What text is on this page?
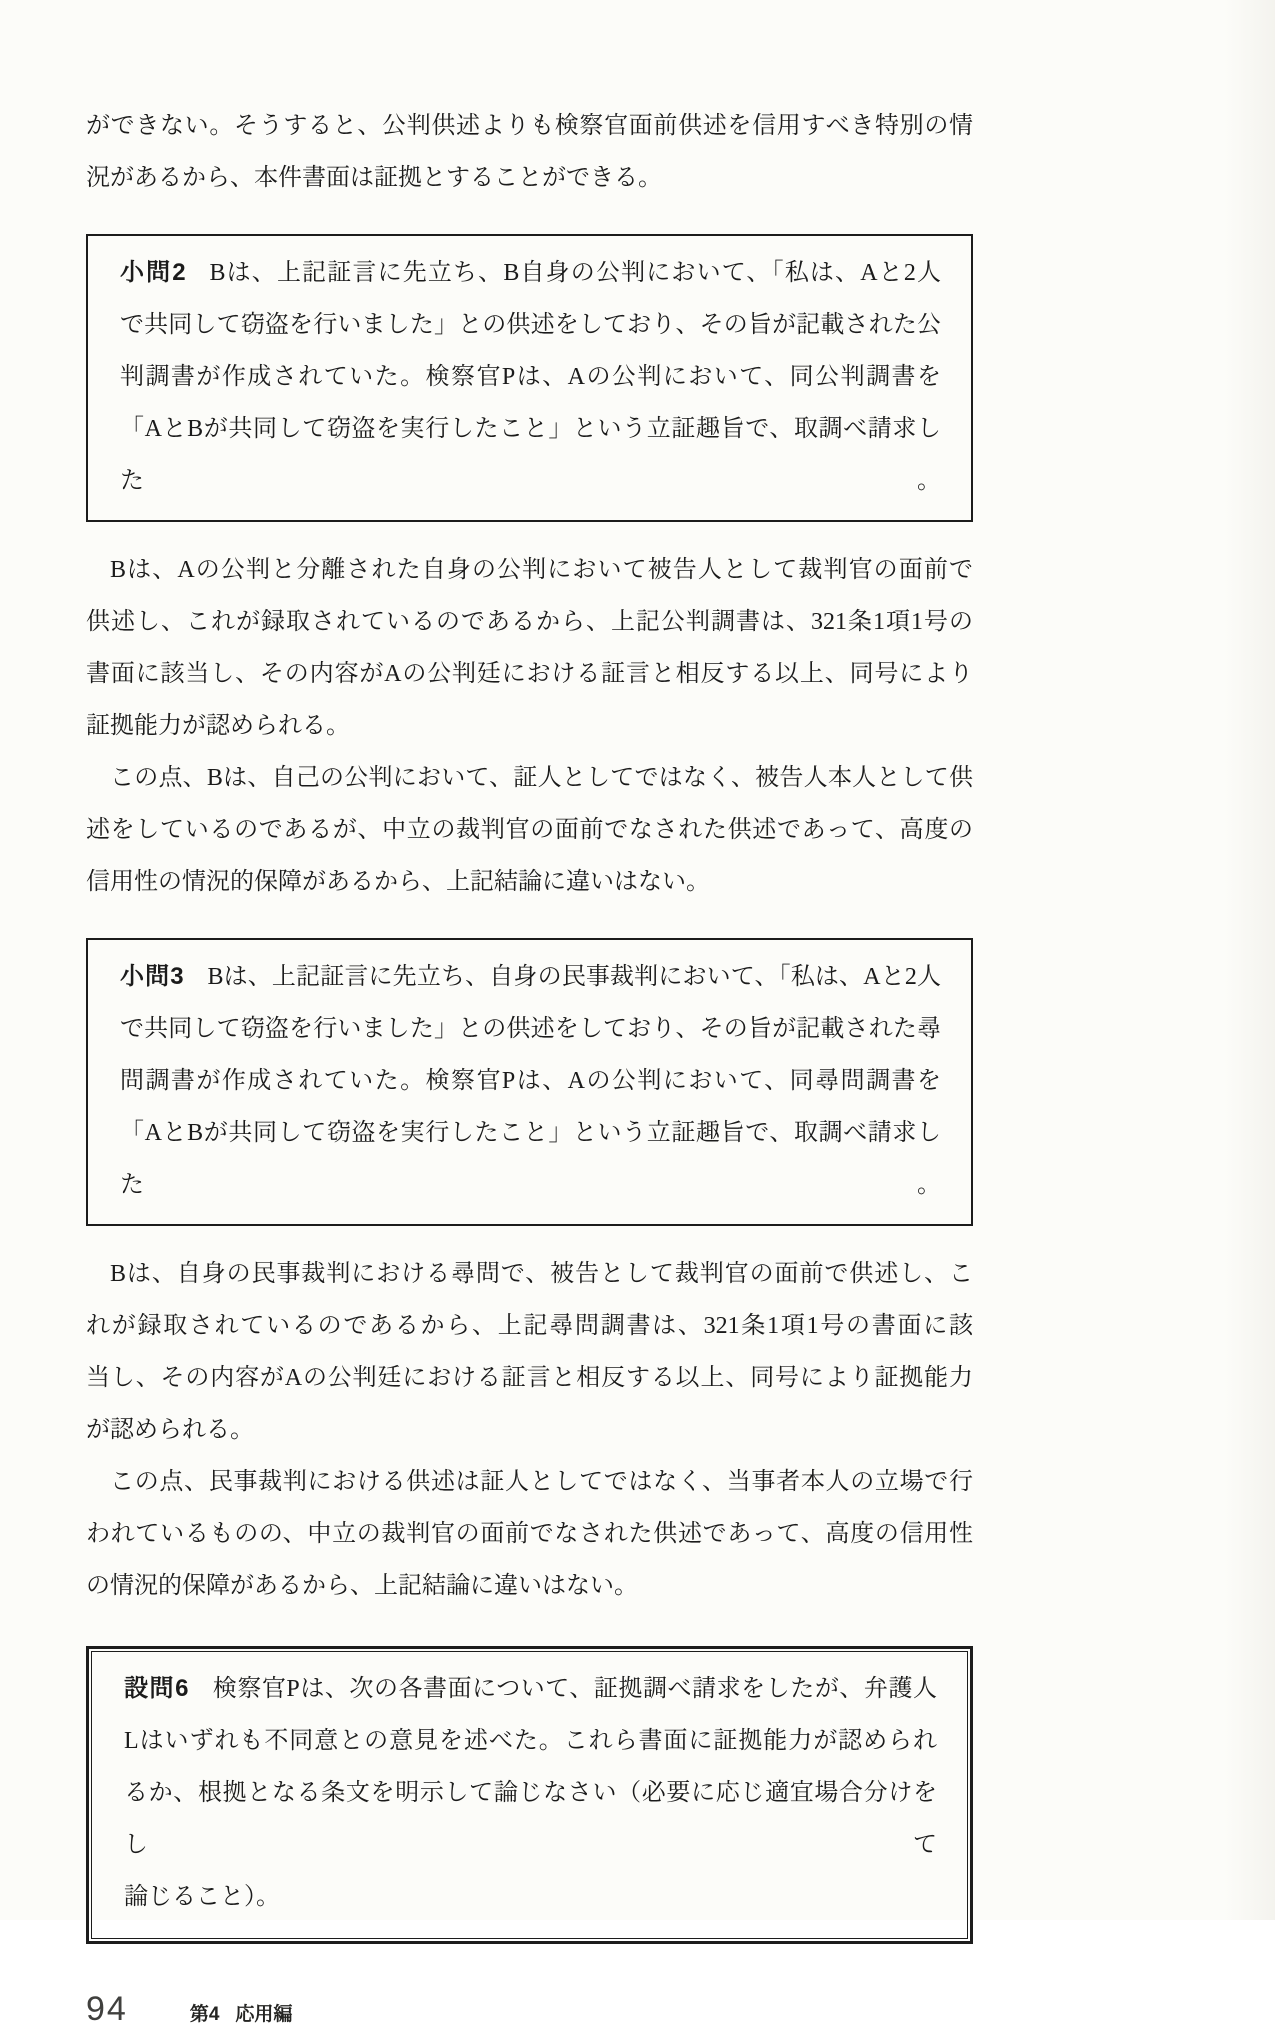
ができない。そうすると、公判供述よりも検察官面前供述を信用すべき特別の情
況があるから、本件書面は証拠とすることができる。
小問2 Bは、上記証言に先立ち、B自身の公判において、「私は、Aと2人
で共同して窃盗を行いました」との供述をしており、その旨が記載された公
判調書が作成されていた。検察官Pは、Aの公判において、同公判調書を
「AとBが共同して窃盗を実行したこと」という立証趣旨で、取調べ請求した。
Bは、Aの公判と分離された自身の公判において被告人として裁判官の面前で
供述し、これが録取されているのであるから、上記公判調書は、321条1項1号の
書面に該当し、その内容がAの公判廷における証言と相反する以上、同号により
証拠能力が認められる。
この点、Bは、自己の公判において、証人としてではなく、被告人本人として供
述をしているのであるが、中立の裁判官の面前でなされた供述であって、高度の
信用性の情況的保障があるから、上記結論に違いはない。
小問3 Bは、上記証言に先立ち、自身の民事裁判において、「私は、Aと2人
で共同して窃盗を行いました」との供述をしており、その旨が記載された尋
問調書が作成されていた。検察官Pは、Aの公判において、同尋問調書を
「AとBが共同して窃盗を実行したこと」という立証趣旨で、取調べ請求した。
Bは、自身の民事裁判における尋問で、被告として裁判官の面前で供述し、こ
れが録取されているのであるから、上記尋問調書は、321条1項1号の書面に該
当し、その内容がAの公判廷における証言と相反する以上、同号により証拠能力
が認められる。
この点、民事裁判における供述は証人としてではなく、当事者本人の立場で行
われているものの、中立の裁判官の面前でなされた供述であって、高度の信用性
の情況的保障があるから、上記結論に違いはない。
設問6 検察官Pは、次の各書面について、証拠調べ請求をしたが、弁護人
Lはいずれも不同意との意見を述べた。これら書面に証拠能力が認められ
るか、根拠となる条文を明示して論じなさい（必要に応じ適宜場合分けをして
論じること）。
94	第4 応用編
